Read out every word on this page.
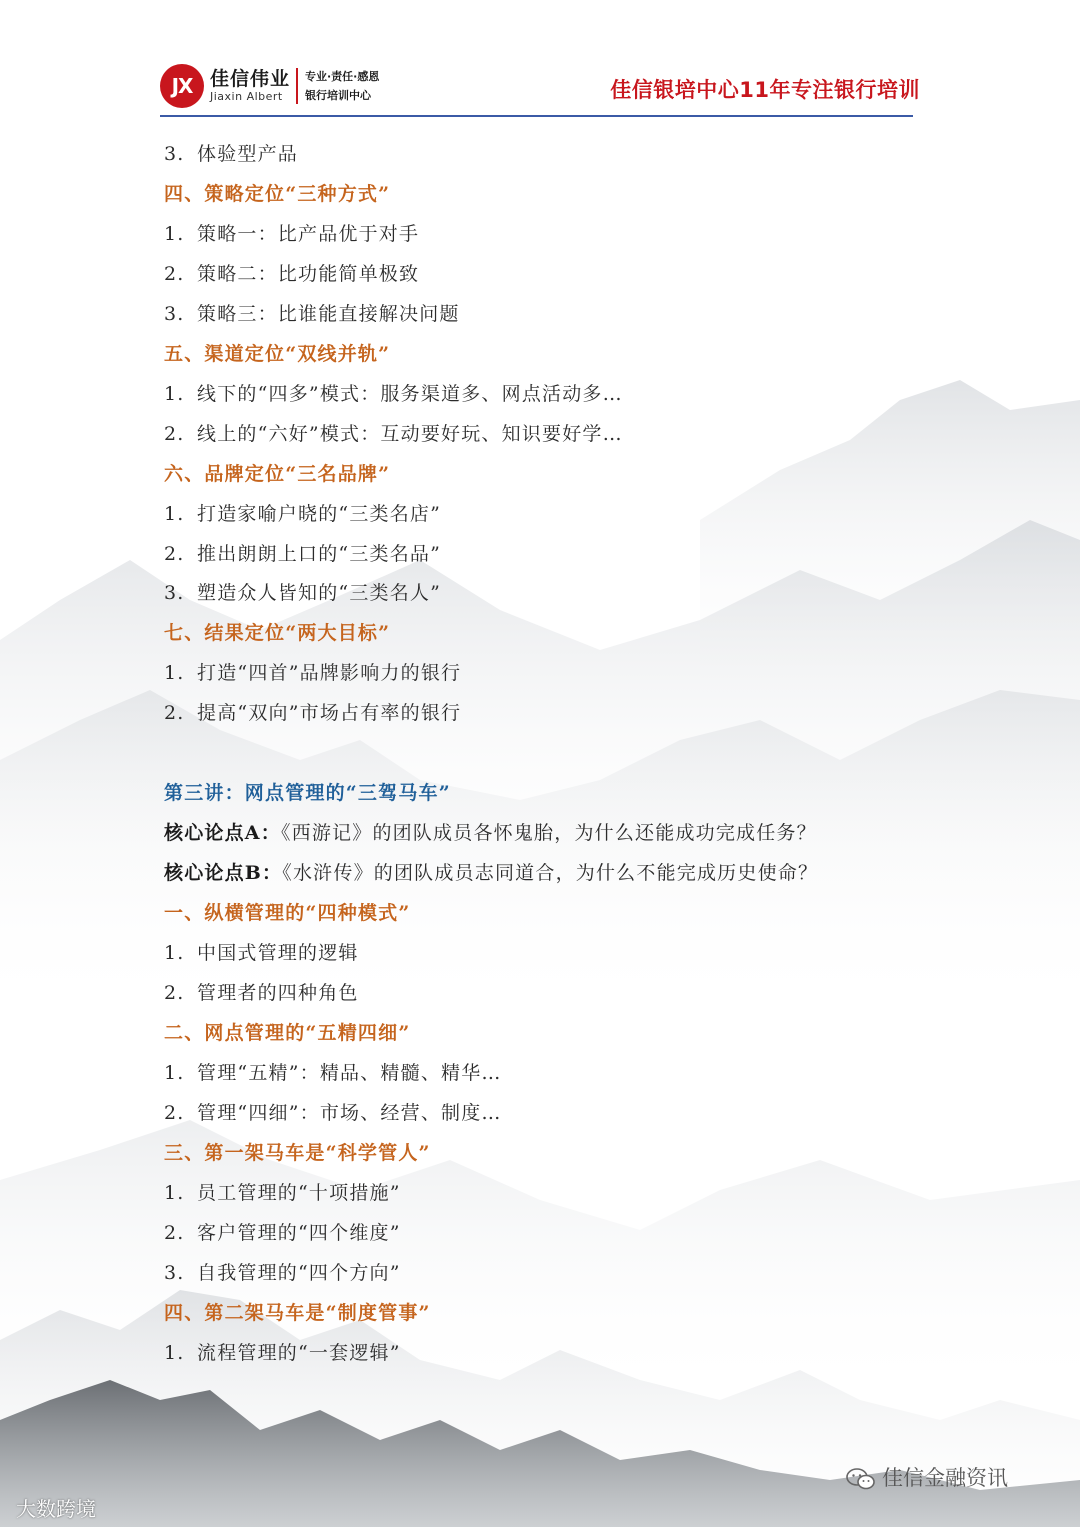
JX 佳信伟业
Jiaxin Albert
专业·责任·感恩
银行培训中心	佳信银培中心11年专注银行培训
3. 体验型产品
四、策略定位“三种方式”
1. 策略一：比产品优于对手
2. 策略二：比功能简单极致
3. 策略三：比谁能直接解决问题
五、渠道定位“双线并轨”
1. 线下的“四多”模式：服务渠道多、网点活动多…
2. 线上的“六好”模式：互动要好玩、知识要好学…
六、品牌定位“三名品牌”
1. 打造家喻户晓的“三类名店”
2. 推出朗朗上口的“三类名品”
3. 塑造众人皆知的“三类名人”
七、结果定位“两大目标”
1. 打造“四首”品牌影响力的银行
2. 提高“双向”市场占有率的银行
第三讲：网点管理的“三驾马车”
核心论点A：《西游记》的团队成员各怀鬼胎，为什么还能成功完成任务？
核心论点B：《水浒传》的团队成员志同道合，为什么不能完成历史使命？
一、纵横管理的“四种模式”
1. 中国式管理的逻辑
2. 管理者的四种角色
二、网点管理的“五精四细”
1. 管理“五精”：精品、精髓、精华…
2. 管理“四细”：市场、经营、制度…
三、第一架马车是“科学管人”
1. 员工管理的“十项措施”
2. 客户管理的“四个维度”
3. 自我管理的“四个方向”
四、第二架马车是“制度管事”
1. 流程管理的“一套逻辑”
大数跨境
佳信金融资讯
